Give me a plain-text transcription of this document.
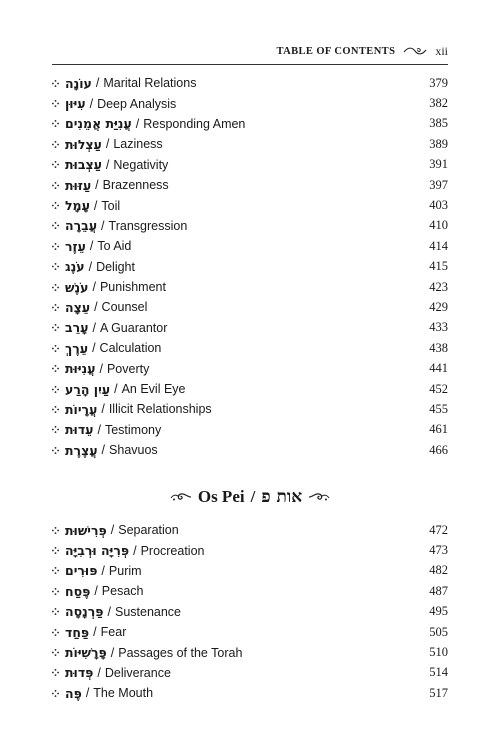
TABLE OF CONTENTS	xii
עוֹנָה / Marital Relations	379
עִיּוּן / Deep Analysis	382
עֲנִיַּת אֲמֵנִים / Responding Amen	385
עַצְלוּת / Laziness	389
עַצְבוּת / Negativity	391
עַזּוּת / Brazenness	397
עָמָל / Toil	403
עֲבֵרָה / Transgression	410
עֵזֶר / To Aid	414
עֹנֶג / Delight	415
עֹנֶשׁ / Punishment	423
עֵצָה / Counsel	429
עָרֵב / A Guarantor	433
עֵרֶךְ / Calculation	438
עֲנִיּוּת / Poverty	441
עַיִן הָרַע / An Evil Eye	452
עֲרָיוֹת / Illicit Relationships	455
עֵדוּת / Testimony	461
עֲצֶרֶת / Shavuos	466
Os Pei / אות פ
פְּרִישׁוּת / Separation	472
פְּרִיָּה וּרְבִיָּה / Procreation	473
פּוּרִים / Purim	482
פֶּסַח / Pesach	487
פַּרְנָסָה / Sustenance	495
פַּחַד / Fear	505
פָּרָשִׁיּוֹת / Passages of the Torah	510
פְּדוּת / Deliverance	514
פֶּה / The Mouth	517
